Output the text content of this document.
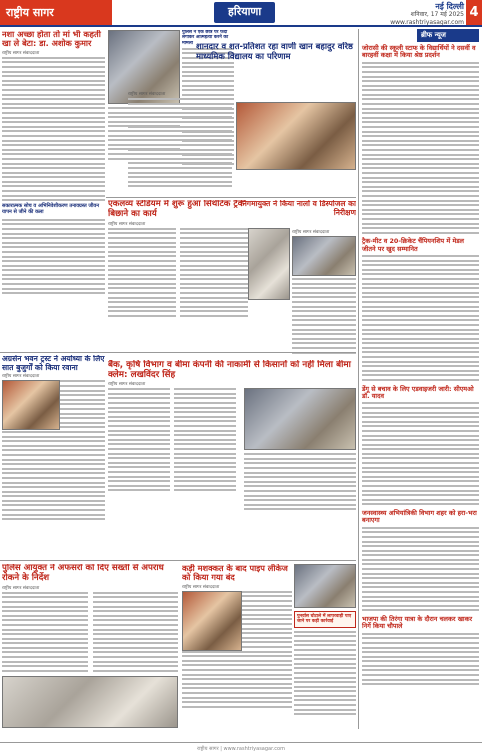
राष्ट्रीय सागर	हरियाणा	नई दिल्ली
शनिवार, 17 मई 2025
www.rashtriyasagar.com
4
नशा अच्छा होता तो मां भी कहती खा ले बेटा: डा. अशोक कुमार
राष्ट्रीय सागर संवाददाता
सकारात्मक सोच व अभिनिवेशीकरण तनावग्रस्त जीवन यापन से जीने की कला
पुलिस ने एक छात्र पर फंदा लगाकर आत्महत्या करने का मामला शानदार व शत-प्रतिशत रहा वाणी खान बहादुर वरिष्ठ माध्यमिक विद्यालय का परिणाम
राष्ट्रीय सागर संवाददाता
एकलव्य स्टेडियम में शुरू हुआ सिंथेटिक ट्रैक बिछाने का कार्य
राष्ट्रीय सागर संवाददाता
निगमायुक्त ने किया नालों व डिस्पोजल का निरीक्षण
राष्ट्रीय सागर संवाददाता
अग्रसेन भवन ट्रस्ट ने अयोध्या के लिए सात बुजुर्गों को किया रवाना
राष्ट्रीय सागर संवाददाता
बैंक, कृषि विभाग व बीमा कंपनी की नाकामी से किसानों को नहीं मिला बीमा क्लेम: लखविंदर सिंह
राष्ट्रीय सागर संवाददाता
पुलिस आयुक्त ने अफसरों को दिए सख्ती से अपराध रोकने के निर्देश
राष्ट्रीय सागर संवाददाता
कड़ी मशक्कत के बाद पाइप लीकेज को किया गया बंद
राष्ट्रीय सागर संवाददाता
पुनर्वास घोटाले में लापरवाही पाए जाने पर कड़ी कार्रवाई
ब्रीफ न्यूज
जोरासी की स्कूली स्टाफ के विद्यार्थियों ने दसवीं व बारहवीं कक्षा में किया श्रेष्ठ प्रदर्शन
ट्रैक-मीट व 20-क्रिकेट चैंपियनशिप में मेडल जीतने पर खुद सम्मानित
डेंगू से बचाव के लिए एडवाइजरी जारी: सीएमओ डॉ. यादव
जनस्वास्थ्य अभियांत्रिकी विभाग शहर को हरा-भरा बनाएगा
भाजपा की तिरंगा यात्रा के दौरान चलकर खाकर निर्गे किया चौपाले
राष्ट्रीय सागर | www.rashtriyasagar.com
